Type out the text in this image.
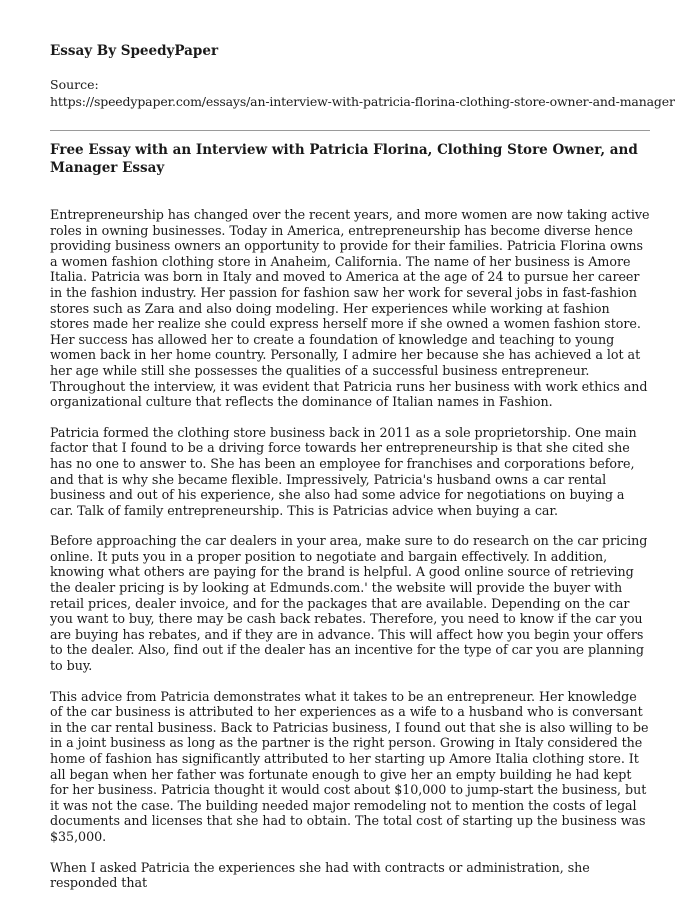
Essay By SpeedyPaper

Source:

https://speedypaper.com/essays/an-interview-with-patricia-florina-clothing-store-owner-and-manager

Free Essay with an Interview with Patricia Florina, Clothing Store Owner, and Manager Essay

Entrepreneurship has changed over the recent years, and more women are now taking active roles in owning businesses. Today in America, entrepreneurship has become diverse hence providing business owners an opportunity to provide for their families. Patricia Florina owns a women fashion clothing store in Anaheim, California. The name of her business is Amore Italia. Patricia was born in Italy and moved to America at the age of 24 to pursue her career in the fashion industry. Her passion for fashion saw her work for several jobs in fast-fashion stores such as Zara and also doing modeling. Her experiences while working at fashion stores made her realize she could express herself more if she owned a women fashion store. Her success has allowed her to create a foundation of knowledge and teaching to young women back in her home country. Personally, I admire her because she has achieved a lot at her age while still she possesses the qualities of a successful business entrepreneur. Throughout the interview, it was evident that Patricia runs her business with work ethics and organizational culture that reflects the dominance of Italian names in Fashion.

Patricia formed the clothing store business back in 2011 as a sole proprietorship. One main factor that I found to be a driving force towards her entrepreneurship is that she cited she has no one to answer to. She has been an employee for franchises and corporations before, and that is why she became flexible. Impressively, Patricia's husband owns a car rental business and out of his experience, she also had some advice for negotiations on buying a car. Talk of family entrepreneurship. This is Patricias advice when buying a car.

Before approaching the car dealers in your area, make sure to do research on the car pricing online. It puts you in a proper position to negotiate and bargain effectively. In addition, knowing what others are paying for the brand is helpful. A good online source of retrieving the dealer pricing is by looking at Edmunds.com.' the website will provide the buyer with retail prices, dealer invoice, and for the packages that are available. Depending on the car you want to buy, there may be cash back rebates. Therefore, you need to know if the car you are buying has rebates, and if they are in advance. This will affect how you begin your offers to the dealer. Also, find out if the dealer has an incentive for the type of car you are planning to buy.

This advice from Patricia demonstrates what it takes to be an entrepreneur. Her knowledge of the car business is attributed to her experiences as a wife to a husband who is conversant in the car rental business. Back to Patricias business, I found out that she is also willing to be in a joint business as long as the partner is the right person. Growing in Italy considered the home of fashion has significantly attributed to her starting up Amore Italia clothing store. It all began when her father was fortunate enough to give her an empty building he had kept for her business. Patricia thought it would cost about $10,000 to jump-start the business, but it was not the case. The building needed major remodeling not to mention the costs of legal documents and licenses that she had to obtain. The total cost of starting up the business was $35,000.

When I asked Patricia the experiences she had with contracts or administration, she responded that
